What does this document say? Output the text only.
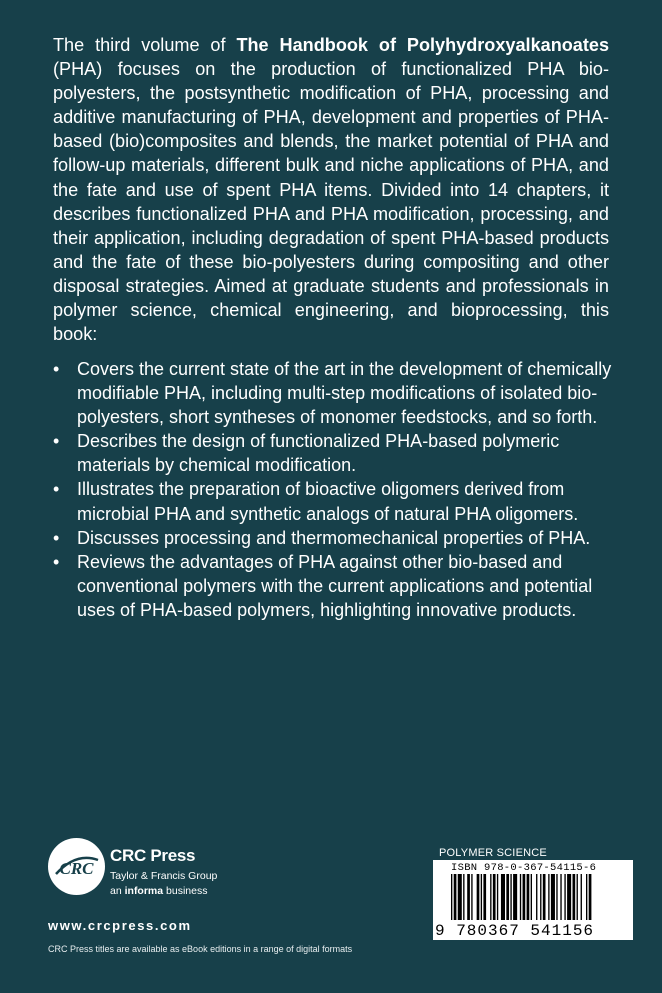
The third volume of The Handbook of Polyhydroxyalkanoates (PHA) focuses on the production of functionalized PHA bio-polyesters, the postsynthetic modification of PHA, processing and additive manufacturing of PHA, development and properties of PHA-based (bio)composites and blends, the market potential of PHA and follow-up materials, different bulk and niche applications of PHA, and the fate and use of spent PHA items. Divided into 14 chapters, it describes functionalized PHA and PHA modification, processing, and their application, including degradation of spent PHA-based products and the fate of these bio-polyesters during compositing and other disposal strategies. Aimed at graduate students and professionals in polymer science, chemical engineering, and bioprocessing, this book:

• Covers the current state of the art in the development of chemically modifiable PHA, including multi-step modifications of isolated bio-polyesters, short syntheses of monomer feedstocks, and so forth.
• Describes the design of functionalized PHA-based polymeric materials by chemical modification.
• Illustrates the preparation of bioactive oligomers derived from microbial PHA and synthetic analogs of natural PHA oligomers.
• Discusses processing and thermomechanical properties of PHA.
• Reviews the advantages of PHA against other bio-based and conventional polymers with the current applications and potential uses of PHA-based polymers, highlighting innovative products.
CRC
CRC Press
Taylor & Francis Group
an informa business
www.crcpress.com
CRC Press titles are available as eBook editions in a range of digital formats
POLYMER SCIENCE
ISBN 978-0-367-54115-6
9 780367 541156
